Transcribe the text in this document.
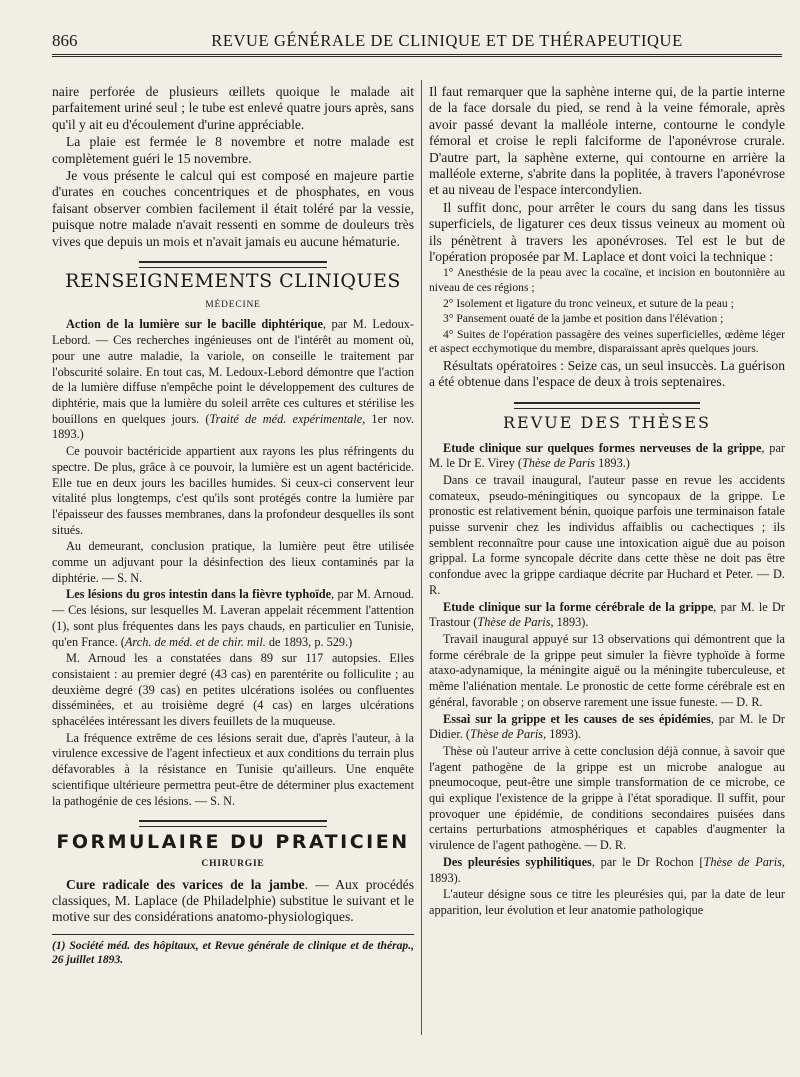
866	REVUE GÉNÉRALE DE CLINIQUE ET DE THÉRAPEUTIQUE

naire perforée de plusieurs œillets quoique le malade ait parfaitement uriné seul ; le tube est enlevé quatre jours après, sans qu'il y ait eu d'écoulement d'urine appréciable.

La plaie est fermée le 8 novembre et notre malade est complètement guéri le 15 novembre.

Je vous présente le calcul qui est composé en majeure partie d'urates en couches concentriques et de phosphates, en vous faisant observer combien facilement il était toléré par la vessie, puisque notre malade n'avait ressenti en somme de douleurs très vives que depuis un mois et n'avait jamais eu aucune hématurie.

RENSEIGNEMENTS CLINIQUES
MÉDECINE

Action de la lumière sur le bacille diphtérique, par M. Ledoux-Lebord. — Ces recherches ingénieuses ont de l'intérêt au moment où, pour une autre maladie, la variole, on conseille le traitement par l'obscurité solaire. En tout cas, M. Ledoux-Lebord démontre que l'action de la lumière diffuse n'empêche point le développement des cultures de diphtérie, mais que la lumière du soleil arrête ces cultures et stérilise les bouillons en quelques jours. (Traité de méd. expérimentale, 1er nov. 1893.)

Ce pouvoir bactéricide appartient aux rayons les plus réfringents du spectre. De plus, grâce à ce pouvoir, la lumière est un agent bactéricide. Elle tue en deux jours les bacilles humides. Si ceux-ci conservent leur vitalité plus longtemps, c'est qu'ils sont protégés contre la lumière par l'épaisseur des fausses membranes, dans la profondeur desquelles ils sont situés.

Au demeurant, conclusion pratique, la lumière peut être utilisée comme un adjuvant pour la désinfection des lieux contaminés par la diphtérie. — S. N.

Les lésions du gros intestin dans la fièvre typhoïde, par M. Arnoud. — Ces lésions, sur lesquelles M. Laveran appelait récemment l'attention (1), sont plus fréquentes dans les pays chauds, en particulier en Tunisie, qu'en France. (Arch. de méd. et de chir. mil. de 1893, p. 529.)

M. Arnoud les a constatées dans 89 sur 117 autopsies. Elles consistaient : au premier degré (43 cas) en parentérite ou folliculite ; au deuxième degré (39 cas) en petites ulcérations isolées ou confluentes disséminées, et au troisième degré (4 cas) en larges ulcérations sphacélées intéressant les divers feuillets de la muqueuse.

La fréquence extrême de ces lésions serait due, d'après l'auteur, à la virulence excessive de l'agent infectieux et aux conditions du terrain plus défavorables à la résistance en Tunisie qu'ailleurs. Une enquête scientifique ultérieure permettra peut-être de déterminer plus exactement la pathogénie de ces lésions. — S. N.

FORMULAIRE DU PRATICIEN
CHIRURGIE

Cure radicale des varices de la jambe. — Aux procédés classiques, M. Laplace (de Philadelphie) substitue le suivant et le motive sur des considérations anatomo-physiologiques.

(1) Société méd. des hôpitaux, et Revue générale de clinique et de thérap., 26 juillet 1893.

Il faut remarquer que la saphène interne qui, de la partie interne de la face dorsale du pied, se rend à la veine fémorale, après avoir passé devant la malléole interne, contourne le condyle fémoral et croise le repli falciforme de l'aponévrose crurale. D'autre part, la saphène externe, qui contourne en arrière la malléole externe, s'abrite dans la poplitée, à travers l'aponévrose et au niveau de l'espace intercondylien.

Il suffit donc, pour arrêter le cours du sang dans les tissus superficiels, de ligaturer ces deux tissus veineux au moment où ils pénètrent à travers les aponévroses. Tel est le but de l'opération proposée par M. Laplace et dont voici la technique :

1° Anesthésie de la peau avec la cocaïne, et incision en boutonnière au niveau de ces régions ;

2° Isolement et ligature du tronc veineux, et suture de la peau ;

3° Pansement ouaté de la jambe et position dans l'élévation ;

4° Suites de l'opération passagère des veines superficielles, œdème léger et aspect ecchymotique du membre, disparaissant après quelques jours.

Résultats opératoires : Seize cas, un seul insuccès. La guérison a été obtenue dans l'espace de deux à trois septenaires.

REVUE DES THÈSES

Etude clinique sur quelques formes nerveuses de la grippe, par M. le Dr E. Virey (Thèse de Paris 1893.)

Dans ce travail inaugural, l'auteur passe en revue les accidents comateux, pseudo-méningitiques ou syncopaux de la grippe. Le pronostic est relativement bénin, quoique parfois une terminaison fatale puisse survenir chez les individus affaiblis ou cachectiques ; ils semblent reconnaître pour cause une intoxication aiguë due au poison grippal. La forme syncopale décrite dans cette thèse ne doit pas être confondue avec la grippe cardiaque décrite par Huchard et Peter. — D. R.

Etude clinique sur la forme cérébrale de la grippe, par M. le Dr Trastour (Thèse de Paris, 1893).

Travail inaugural appuyé sur 13 observations qui démontrent que la forme cérébrale de la grippe peut simuler la fièvre typhoïde à forme ataxo-adynamique, la méningite aiguë ou la méningite tuberculeuse, et même l'aliénation mentale. Le pronostic de cette forme cérébrale est en général, favorable ; on observe rarement une issue funeste. — D. R.

Essai sur la grippe et les causes de ses épidémies, par M. le Dr Didier. (Thèse de Paris, 1893).

Thèse où l'auteur arrive à cette conclusion déjà connue, à savoir que l'agent pathogène de la grippe est un microbe analogue au pneumocoque, peut-être une simple transformation de ce microbe, ce qui explique l'existence de la grippe à l'état sporadique. Il suffit, pour provoquer une épidémie, de conditions secondaires puisées dans certains perturbations atmosphériques et capables d'augmenter la virulence de l'agent pathogène. — D. R.

Des pleurésies syphilitiques, par le Dr Rochon [Thèse de Paris, 1893).

L'auteur désigne sous ce titre les pleurésies qui, par la date de leur apparition, leur évolution et leur anatomie pathologique
